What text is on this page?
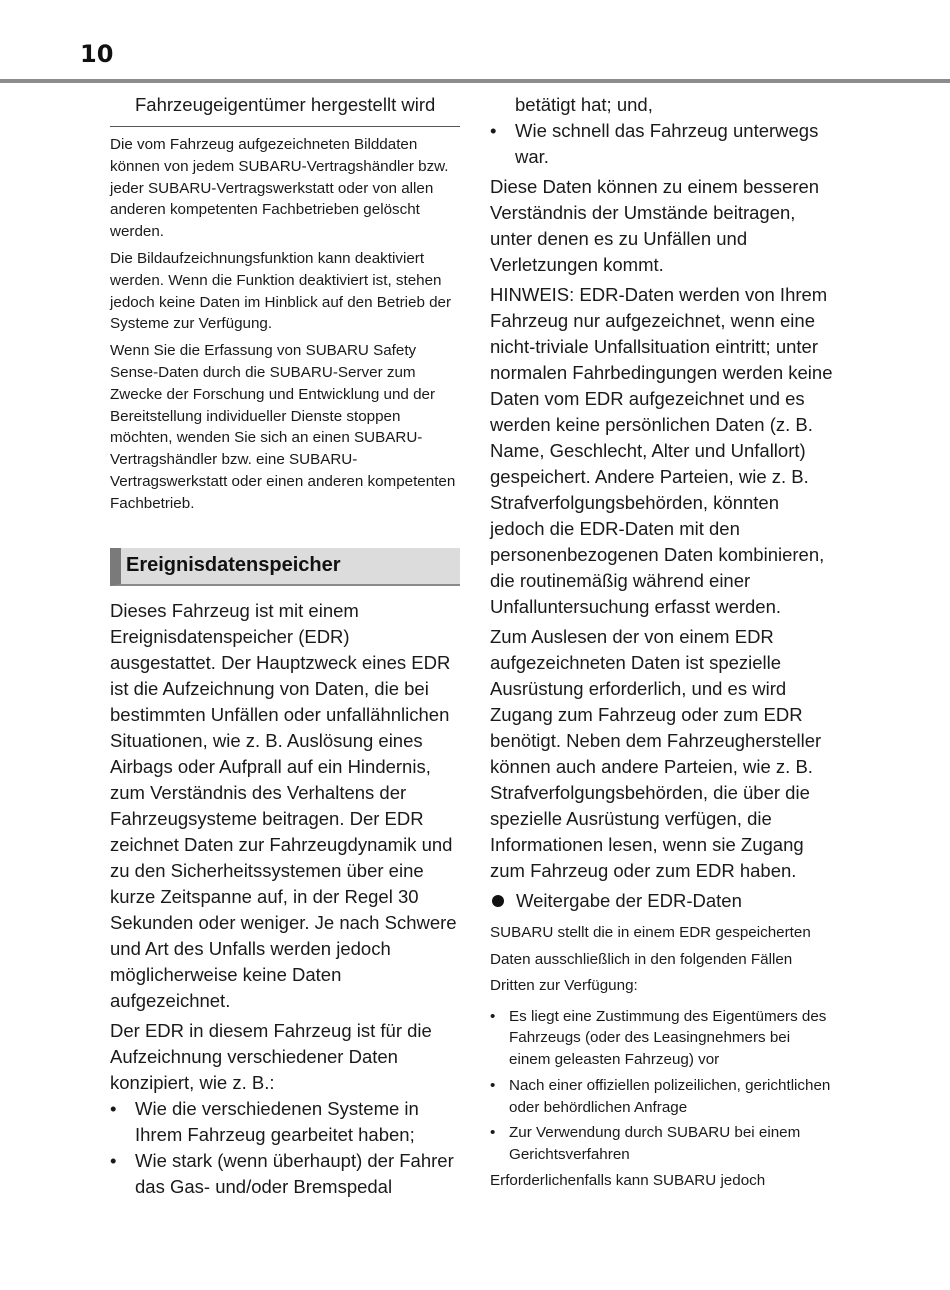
10

Fahrzeugeigentümer hergestellt wird

Die vom Fahrzeug aufgezeichneten Bilddaten können von jedem SUBARU-Vertragshändler bzw. jeder SUBARU-Vertragswerkstatt oder von allen anderen kompetenten Fachbetrieben gelöscht werden.

Die Bildaufzeichnungsfunktion kann deaktiviert werden. Wenn die Funktion deaktiviert ist, stehen jedoch keine Daten im Hinblick auf den Betrieb der Systeme zur Verfügung.

Wenn Sie die Erfassung von SUBARU Safety Sense-Daten durch die SUBARU-Server zum Zwecke der Forschung und Entwicklung und der Bereitstellung individueller Dienste stoppen möchten, wenden Sie sich an einen SUBARU-Vertragshändler bzw. eine SUBARU-Vertragswerkstatt oder einen anderen kompetenten Fachbetrieb.

Ereignisdatenspeicher

Dieses Fahrzeug ist mit einem Ereignisdatenspeicher (EDR) ausgestattet. Der Hauptzweck eines EDR ist die Aufzeichnung von Daten, die bei bestimmten Unfällen oder unfallähnlichen Situationen, wie z. B. Auslösung eines Airbags oder Aufprall auf ein Hindernis, zum Verständnis des Verhaltens der Fahrzeugsysteme beitragen. Der EDR zeichnet Daten zur Fahrzeugdynamik und zu den Sicherheitssystemen über eine kurze Zeitspanne auf, in der Regel 30 Sekunden oder weniger. Je nach Schwere und Art des Unfalls werden jedoch möglicherweise keine Daten aufgezeichnet.

Der EDR in diesem Fahrzeug ist für die Aufzeichnung verschiedener Daten konzipiert, wie z. B.:

• Wie die verschiedenen Systeme in Ihrem Fahrzeug gearbeitet haben;
• Wie stark (wenn überhaupt) der Fahrer das Gas- und/oder Bremspedal

betätigt hat; und,

• Wie schnell das Fahrzeug unterwegs war.

Diese Daten können zu einem besseren Verständnis der Umstände beitragen, unter denen es zu Unfällen und Verletzungen kommt.

HINWEIS: EDR-Daten werden von Ihrem Fahrzeug nur aufgezeichnet, wenn eine nicht-triviale Unfallsituation eintritt; unter normalen Fahrbedingungen werden keine Daten vom EDR aufgezeichnet und es werden keine persönlichen Daten (z. B. Name, Geschlecht, Alter und Unfallort) gespeichert. Andere Parteien, wie z. B. Strafverfolgungsbehörden, könnten jedoch die EDR-Daten mit den personenbezogenen Daten kombinieren, die routinemäßig während einer Unfalluntersuchung erfasst werden.

Zum Auslesen der von einem EDR aufgezeichneten Daten ist spezielle Ausrüstung erforderlich, und es wird Zugang zum Fahrzeug oder zum EDR benötigt. Neben dem Fahrzeughersteller können auch andere Parteien, wie z. B. Strafverfolgungsbehörden, die über die spezielle Ausrüstung verfügen, die Informationen lesen, wenn sie Zugang zum Fahrzeug oder zum EDR haben.

Weitergabe der EDR-Daten

SUBARU stellt die in einem EDR gespeicherten Daten ausschließlich in den folgenden Fällen Dritten zur Verfügung:

• Es liegt eine Zustimmung des Eigentümers des Fahrzeugs (oder des Leasingnehmers bei einem geleasten Fahrzeug) vor
• Nach einer offiziellen polizeilichen, gerichtlichen oder behördlichen Anfrage
• Zur Verwendung durch SUBARU bei einem Gerichtsverfahren

Erforderlichenfalls kann SUBARU jedoch
